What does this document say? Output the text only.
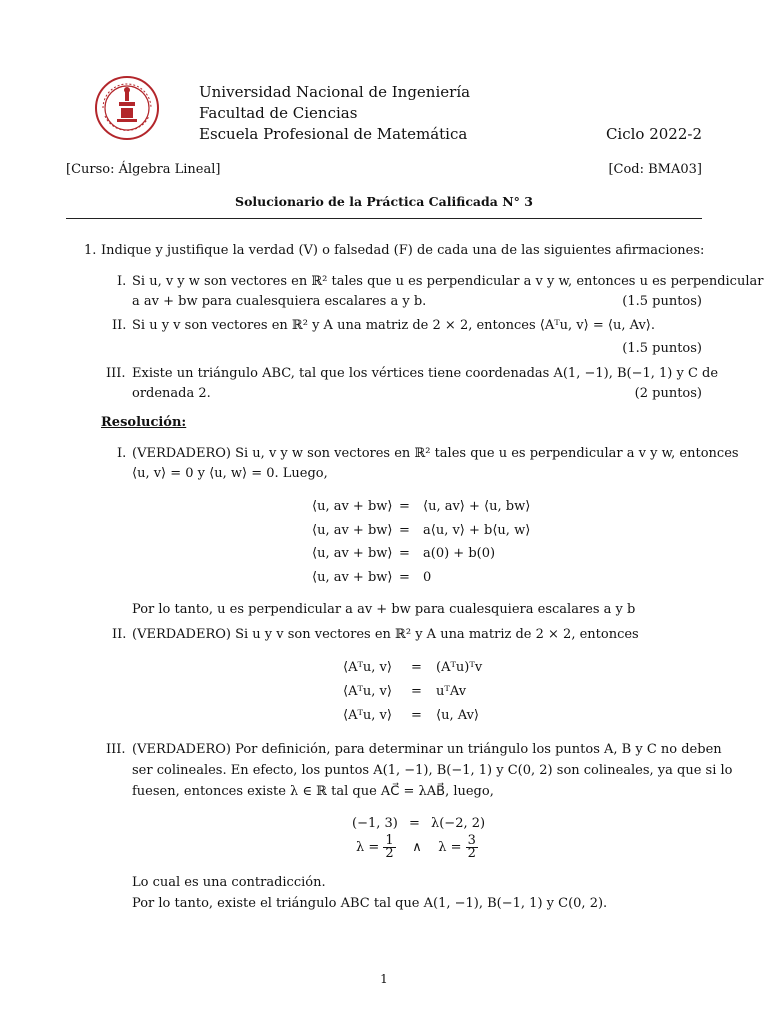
Universidad Nacional de Ingeniería
Facultad de Ciencias
Escuela Profesional de Matemática	Ciclo 2022-2
[Curso: Álgebra Lineal]	[Cod: BMA03]
Solucionario de la Práctica Calificada N° 3
1. Indique y justifique la verdad (V) o falsedad (F) de cada una de las siguientes afirmaciones:
I. Si u, v y w son vectores en ℝ² tales que u es perpendicular a v y w, entonces u es perpendicular
a av + bw para cualesquiera escalares a y b.	(1.5 puntos)
II. Si u y v son vectores en ℝ² y A una matriz de 2 × 2, entonces ⟨Aᵀu, v⟩ = ⟨u, Av⟩.
(1.5 puntos)
III. Existe un triángulo ABC, tal que los vértices tiene coordenadas A(1, −1), B(−1, 1) y C de
ordenada 2.	(2 puntos)
Resolución:
I. (VERDADERO) Si u, v y w son vectores en ℝ² tales que u es perpendicular a v y w, entonces
⟨u, v⟩ = 0 y ⟨u, w⟩ = 0. Luego,
⟨u, av + bw⟩ = ⟨u, av⟩ + ⟨u, bw⟩
⟨u, av + bw⟩ = a⟨u, v⟩ + b⟨u, w⟩
⟨u, av + bw⟩ = a(0) + b(0)
⟨u, av + bw⟩ = 0
Por lo tanto, u es perpendicular a av + bw para cualesquiera escalares a y b
II. (VERDADERO) Si u y v son vectores en ℝ² y A una matriz de 2 × 2, entonces
⟨Aᵀu, v⟩ = (Aᵀu)ᵀv
⟨Aᵀu, v⟩ = uᵀAv
⟨Aᵀu, v⟩ = ⟨u, Av⟩
III. (VERDADERO) Por definición, para determinar un triángulo los puntos A, B y C no deben
ser colineales. En efecto, los puntos A(1, −1), B(−1, 1) y C(0, 2) son colineales, ya que si lo
fuesen, entonces existe λ ∈ ℝ tal que AC⃗ = λAB⃗, luego,
(−1, 3) = λ(−2, 2)
$\lambda = \frac{1}{2}$ ∧ $\lambda = \frac{3}{2}$
Lo cual es una contradicción.
Por lo tanto, existe el triángulo ABC tal que A(1, −1), B(−1, 1) y C(0, 2).
1
